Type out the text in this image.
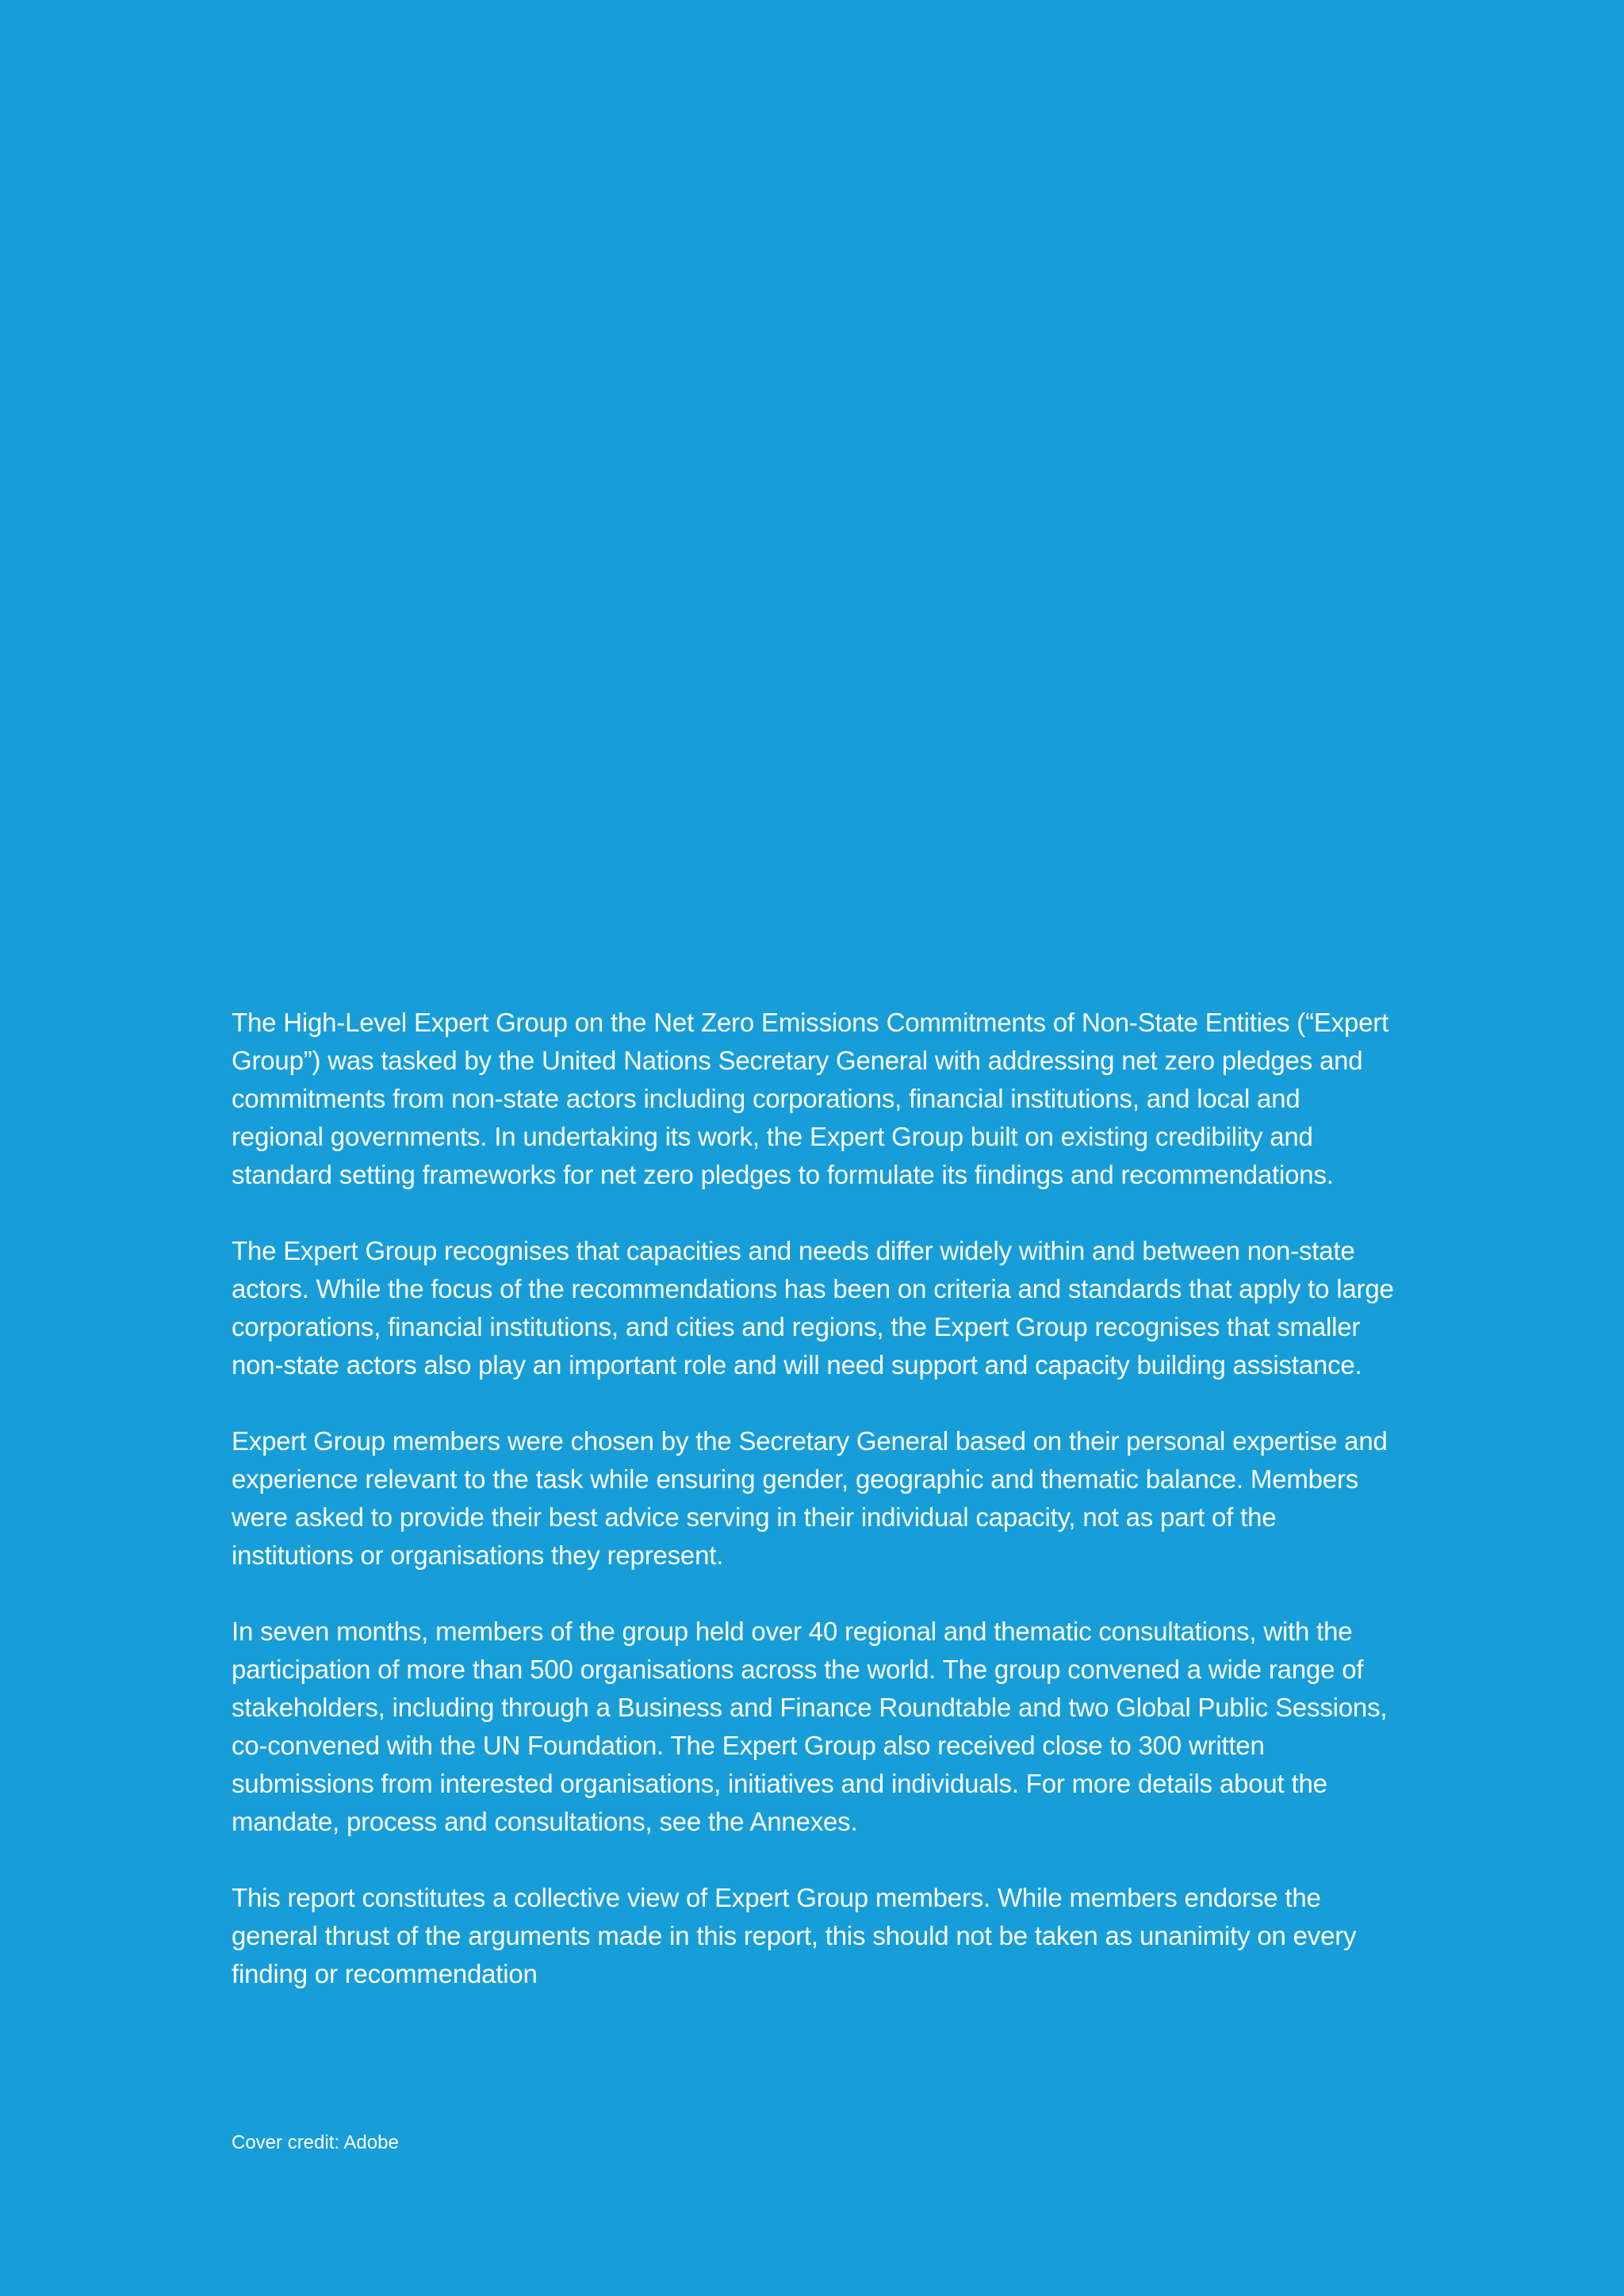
The High-Level Expert Group on the Net Zero Emissions Commitments of Non-State Entities (“Expert Group”) was tasked by the United Nations Secretary General with addressing net zero pledges and commitments from non-state actors including corporations, financial institutions, and local and regional governments. In undertaking its work, the Expert Group built on existing credibility and standard setting frameworks for net zero pledges to formulate its findings and recommendations.

The Expert Group recognises that capacities and needs differ widely within and between non-state actors. While the focus of the recommendations has been on criteria and standards that apply to large corporations, financial institutions, and cities and regions, the Expert Group recognises that smaller non-state actors also play an important role and will need support and capacity building assistance.

Expert Group members were chosen by the Secretary General based on their personal expertise and experience relevant to the task while ensuring gender, geographic and thematic balance. Members were asked to provide their best advice serving in their individual capacity, not as part of the institutions or organisations they represent.

In seven months, members of the group held over 40 regional and thematic consultations, with the participation of more than 500 organisations across the world. The group convened a wide range of stakeholders, including through a Business and Finance Roundtable and two Global Public Sessions, co-convened with the UN Foundation. The Expert Group also received close to 300 written submissions from interested organisations, initiatives and individuals. For more details about the mandate, process and consultations, see the Annexes.

This report constitutes a collective view of Expert Group members. While members endorse the general thrust of the arguments made in this report, this should not be taken as unanimity on every finding or recommendation

Cover credit: Adobe
